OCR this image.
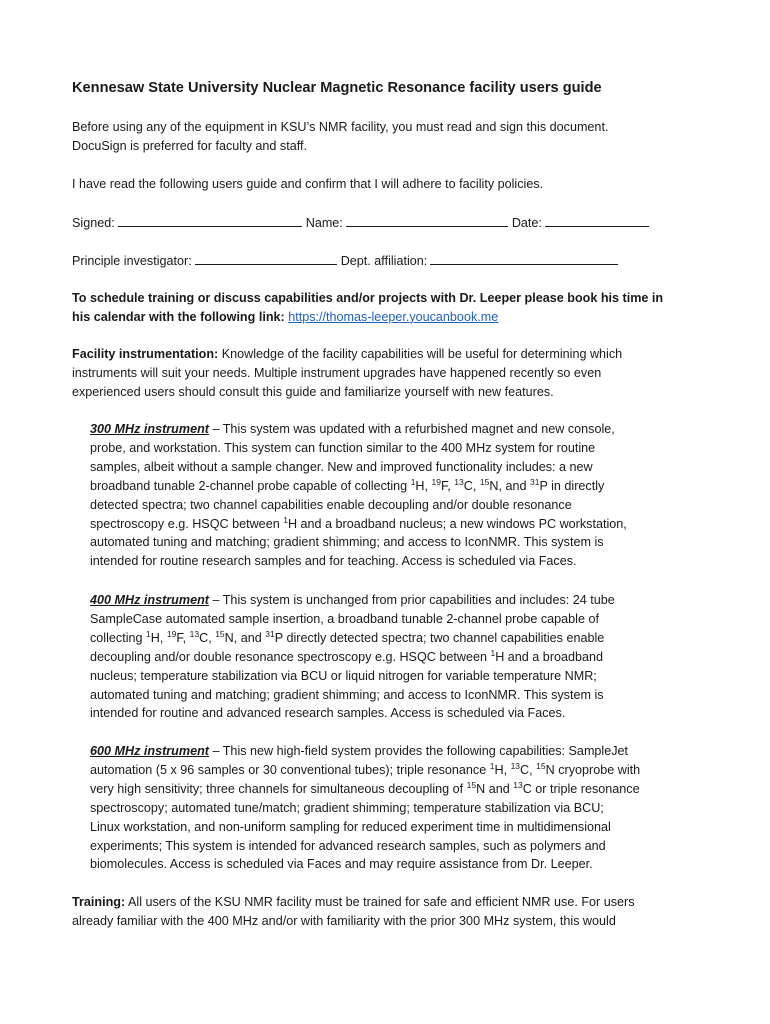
Kennesaw State University Nuclear Magnetic Resonance facility users guide

Before using any of the equipment in KSU’s NMR facility, you must read and sign this document.
DocuSign is preferred for faculty and staff.

I have read the following users guide and confirm that I will adhere to facility policies.

Signed:	Name:	Date:
Principle investigator:	Dept. affiliation:
To schedule training or discuss capabilities and/or projects with Dr. Leeper please book his time in
his calendar with the following link: https://thomas-leeper.youcanbook.me
Facility instrumentation: Knowledge of the facility capabilities will be useful for determining which
instruments will suit your needs. Multiple instrument upgrades have happened recently so even
experienced users should consult this guide and familiarize yourself with new features.
300 MHz instrument – This system was updated with a refurbished magnet and new console,
probe, and workstation. This system can function similar to the 400 MHz system for routine
samples, albeit without a sample changer. New and improved functionality includes: a new
broadband tunable 2-channel probe capable of collecting $^1$H, $^{19}$F, $^{13}$C, $^{15}$N, and $^{31}$P in directly
detected spectra; two channel capabilities enable decoupling and/or double resonance
spectroscopy e.g. HSQC between $^1$H and a broadband nucleus; a new windows PC workstation,
automated tuning and matching; gradient shimming; and access to IconNMR. This system is
intended for routine research samples and for teaching. Access is scheduled via Faces.
400 MHz instrument – This system is unchanged from prior capabilities and includes: 24 tube
SampleCase automated sample insertion, a broadband tunable 2-channel probe capable of
collecting $^1$H, $^{19}$F, $^{13}$C, $^{15}$N, and $^{31}$P directly detected spectra; two channel capabilities enable
decoupling and/or double resonance spectroscopy e.g. HSQC between $^1$H and a broadband
nucleus; temperature stabilization via BCU or liquid nitrogen for variable temperature NMR;
automated tuning and matching; gradient shimming; and access to IconNMR. This system is
intended for routine and advanced research samples. Access is scheduled via Faces.
600 MHz instrument – This new high-field system provides the following capabilities: SampleJet
automation (5 x 96 samples or 30 conventional tubes); triple resonance $^1$H, $^{13}$C, $^{15}$N cryoprobe with
very high sensitivity; three channels for simultaneous decoupling of $^{15}$N and $^{13}$C or triple resonance
spectroscopy; automated tune/match; gradient shimming; temperature stabilization via BCU;
Linux workstation, and non-uniform sampling for reduced experiment time in multidimensional
experiments; This system is intended for advanced research samples, such as polymers and
biomolecules. Access is scheduled via Faces and may require assistance from Dr. Leeper.
Training: All users of the KSU NMR facility must be trained for safe and efficient NMR use. For users
already familiar with the 400 MHz and/or with familiarity with the prior 300 MHz system, this would
